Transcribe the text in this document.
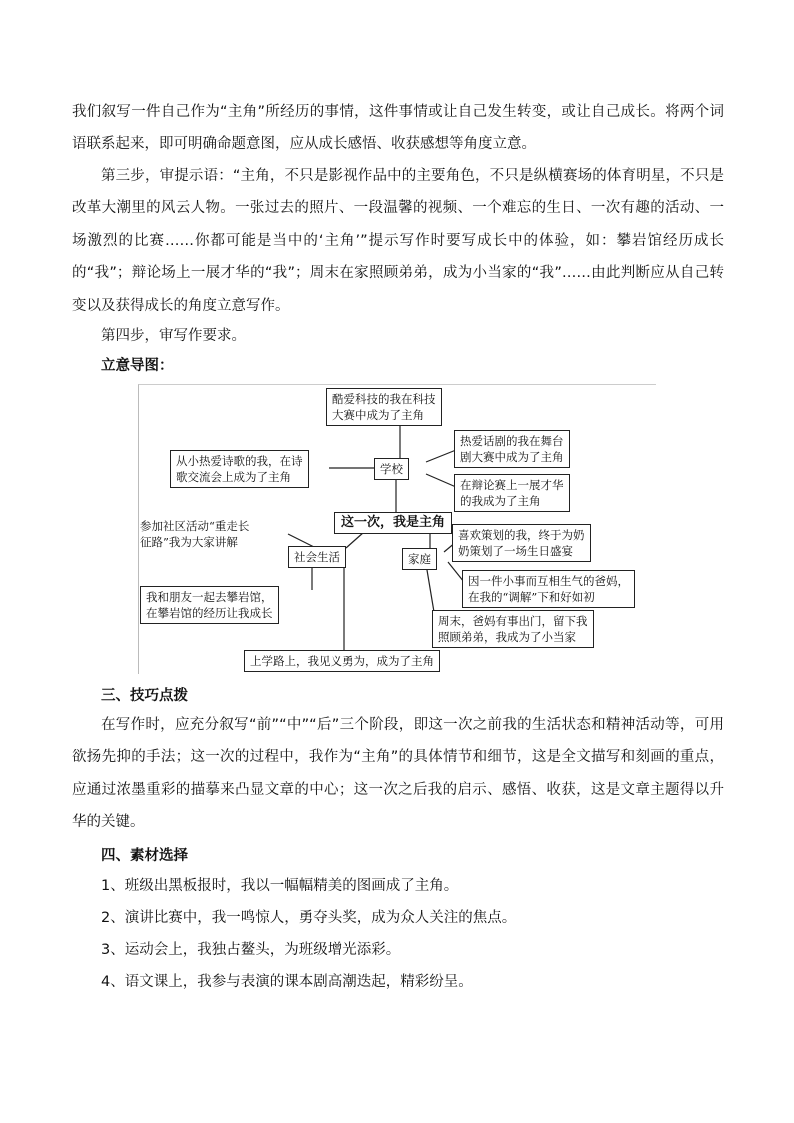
我们叙写一件自己作为“主角”所经历的事情，这件事情或让自己发生转变，或让自己成长。将两个词语联系起来，即可明确命题意图，应从成长感悟、收获感想等角度立意。

第三步，审提示语：“主角，不只是影视作品中的主要角色，不只是纵横赛场的体育明星，不只是改革大潮里的风云人物。一张过去的照片、一段温馨的视频、一个难忘的生日、一次有趣的活动、一场激烈的比赛……你都可能是当中的‘主角’”提示写作时要写成长中的体验，如：攀岩馆经历成长的“我”；辩论场上一展才华的“我”；周末在家照顾弟弟，成为小当家的“我”……由此判断应从自己转变以及获得成长的角度立意写作。

第四步，审写作要求。

立意导图：

酷爱科技的我在科技
大赛中成为了主角
学校
从小热爱诗歌的我，在诗
歌交流会上成为了主角
热爱话剧的我在舞台
剧大赛中成为了主角
在辩论赛上一展才华
的我成为了主角
这一次，我是主角
参加社区活动“重走长
征路”我为大家讲解
社会生活
我和朋友一起去攀岩馆，
在攀岩馆的经历让我成长
上学路上，我见义勇为，成为了主角
家庭
喜欢策划的我，终于为奶
奶策划了一场生日盛宴
因一件小事而互相生气的爸妈，
在我的“调解”下和好如初
周末，爸妈有事出门，留下我
照顾弟弟，我成为了小当家

三、技巧点拨

在写作时，应充分叙写“前”“中”“后”三个阶段，即这一次之前我的生活状态和精神活动等，可用欲扬先抑的手法；这一次的过程中，我作为“主角”的具体情节和细节，这是全文描写和刻画的重点，应通过浓墨重彩的描摹来凸显文章的中心；这一次之后我的启示、感悟、收获，这是文章主题得以升华的关键。

四、素材选择

1、班级出黑板报时，我以一幅幅精美的图画成了主角。

2、演讲比赛中，我一鸣惊人，勇夺头奖，成为众人关注的焦点。

3、运动会上，我独占鳌头，为班级增光添彩。

4、语文课上，我参与表演的课本剧高潮迭起，精彩纷呈。
